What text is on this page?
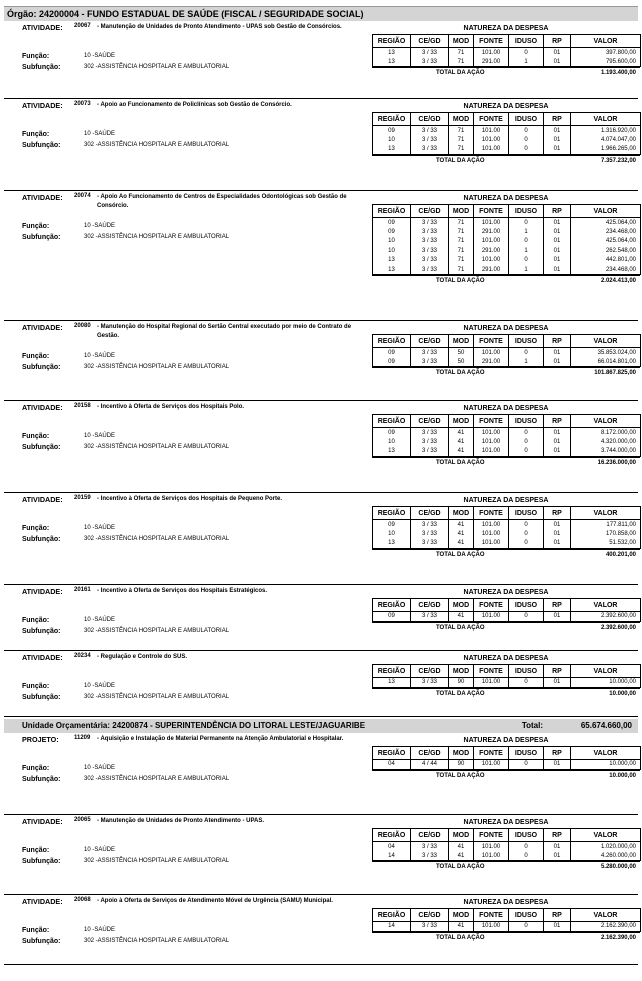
Órgão: 24200004 - FUNDO ESTADUAL DE SAÚDE (FISCAL / SEGURIDADE SOCIAL)
ATIVIDADE: 20067 - Manutenção de Unidades de Pronto Atendimento - UPAS sob Gestão de Consórcios.	NATUREZA DA DESPESA
REGIÃO	CE/GD	MOD	FONTE	IDUSO	RP	VALOR
13	3 / 33	71	101.00	0	01	397.800,00
13	3 / 33	71	291.00	1	01	795.600,00
TOTAL DA AÇÃO	1.193.400,00
Função:	10 -SAÚDE
Subfunção:	302 -ASSISTÊNCIA HOSPITALAR E AMBULATORIAL
ATIVIDADE: 20073 - Apoio ao Funcionamento de Policlínicas sob Gestão de Consórcio.	NATUREZA DA DESPESA
REGIÃO	CE/GD	MOD	FONTE	IDUSO	RP	VALOR
09	3 / 33	71	101.00	0	01	1.316.920,00
10	3 / 33	71	101.00	0	01	4.074.047,00
13	3 / 33	71	101.00	0	01	1.966.265,00
TOTAL DA AÇÃO	7.357.232,00
Função:	10 -SAÚDE
Subfunção:	302 -ASSISTÊNCIA HOSPITALAR E AMBULATORIAL
ATIVIDADE: 20074 - Apoio Ao Funcionamento de Centros de Especialidades Odontológicas sob Gestão de Consórcio.
NATUREZA DA DESPESA
REGIÃO	CE/GD	MOD	FONTE	IDUSO	RP	VALOR
09	3 / 33	71	101.00	0	01	425.064,00
09	3 / 33	71	291.00	1	01	234.468,00
10	3 / 33	71	101.00	0	01	425.064,00
10	3 / 33	71	291.00	1	01	262.548,00
13	3 / 33	71	101.00	0	01	442.801,00
13	3 / 33	71	291.00	1	01	234.468,00
TOTAL DA AÇÃO	2.024.413,00
Função:	10 -SAÚDE
Subfunção:	302 -ASSISTÊNCIA HOSPITALAR E AMBULATORIAL
ATIVIDADE: 20080 - Manutenção do Hospital Regional do Sertão Central executado por meio de Contrato de Gestão.
NATUREZA DA DESPESA
REGIÃO	CE/GD	MOD	FONTE	IDUSO	RP	VALOR
09	3 / 33	50	101.00	0	01	35.853.024,00
09	3 / 33	50	291.00	1	01	66.014.801,00
TOTAL DA AÇÃO	101.867.825,00
Função:	10 -SAÚDE
Subfunção:	302 -ASSISTÊNCIA HOSPITALAR E AMBULATORIAL
ATIVIDADE: 20158 - Incentivo à Oferta de Serviços dos Hospitais Polo.	NATUREZA DA DESPESA
REGIÃO	CE/GD	MOD	FONTE	IDUSO	RP	VALOR
09	3 / 33	41	101.00	0	01	8.172.000,00
10	3 / 33	41	101.00	0	01	4.320.000,00
13	3 / 33	41	101.00	0	01	3.744.000,00
TOTAL DA AÇÃO	16.236.000,00
Função:	10 -SAÚDE
Subfunção:	302 -ASSISTÊNCIA HOSPITALAR E AMBULATORIAL
ATIVIDADE: 20159 - Incentivo à Oferta de Serviços dos Hospitais de Pequeno Porte.	NATUREZA DA DESPESA
REGIÃO	CE/GD	MOD	FONTE	IDUSO	RP	VALOR
09	3 / 33	41	101.00	0	01	177.811,00
10	3 / 33	41	101.00	0	01	170.858,00
13	3 / 33	41	101.00	0	01	51.532,00
TOTAL DA AÇÃO	400.201,00
Função:	10 -SAÚDE
Subfunção:	302 -ASSISTÊNCIA HOSPITALAR E AMBULATORIAL
ATIVIDADE: 20161 - Incentivo à Oferta de Serviços dos Hospitais Estratégicos.	NATUREZA DA DESPESA
REGIÃO	CE/GD	MOD	FONTE	IDUSO	RP	VALOR
09	3 / 33	41	101.00	0	01	2.392.600,00
TOTAL DA AÇÃO	2.392.600,00
Função:	10 -SAÚDE
Subfunção:	302 -ASSISTÊNCIA HOSPITALAR E AMBULATORIAL
ATIVIDADE: 20234 - Regulação e Controle do SUS.	NATUREZA DA DESPESA
REGIÃO	CE/GD	MOD	FONTE	IDUSO	RP	VALOR
13	3 / 33	90	101.00	0	01	10.000,00
TOTAL DA AÇÃO	10.000,00
Função:	10 -SAÚDE
Subfunção:	302 -ASSISTÊNCIA HOSPITALAR E AMBULATORIAL
Unidade Orçamentária: 24200874 - SUPERINTENDÊNCIA DO LITORAL LESTE/JAGUARIBE	Total:	65.674.660,00
PROJETO:	11209 - Aquisição e Instalação de Material Permanente na Atenção Ambulatorial e Hospitalar.	NATUREZA DA DESPESA
REGIÃO	CE/GD	MOD	FONTE	IDUSO	RP	VALOR
04	4 / 44	90	101.00	0	01	10.000,00
TOTAL DA AÇÃO	10.000,00
Função:	10 -SAÚDE
Subfunção:	302 -ASSISTÊNCIA HOSPITALAR E AMBULATORIAL
ATIVIDADE: 20065 - Manutenção de Unidades de Pronto Atendimento - UPAS.	NATUREZA DA DESPESA
REGIÃO	CE/GD	MOD	FONTE	IDUSO	RP	VALOR
04	3 / 33	41	101.00	0	01	1.020.000,00
14	3 / 33	41	101.00	0	01	4.260.000,00
TOTAL DA AÇÃO	5.280.000,00
Função:	10 -SAÚDE
Subfunção:	302 -ASSISTÊNCIA HOSPITALAR E AMBULATORIAL
ATIVIDADE: 20068 - Apoio à Oferta de Serviços de Atendimento Móvel de Urgência (SAMU) Municipal.	NATUREZA DA DESPESA
REGIÃO	CE/GD	MOD	FONTE	IDUSO	RP	VALOR
14	3 / 33	41	101.00	0	01	2.162.390,00
TOTAL DA AÇÃO	2.162.390,00
Função:	10 -SAÚDE
Subfunção:	302 -ASSISTÊNCIA HOSPITALAR E AMBULATORIAL
